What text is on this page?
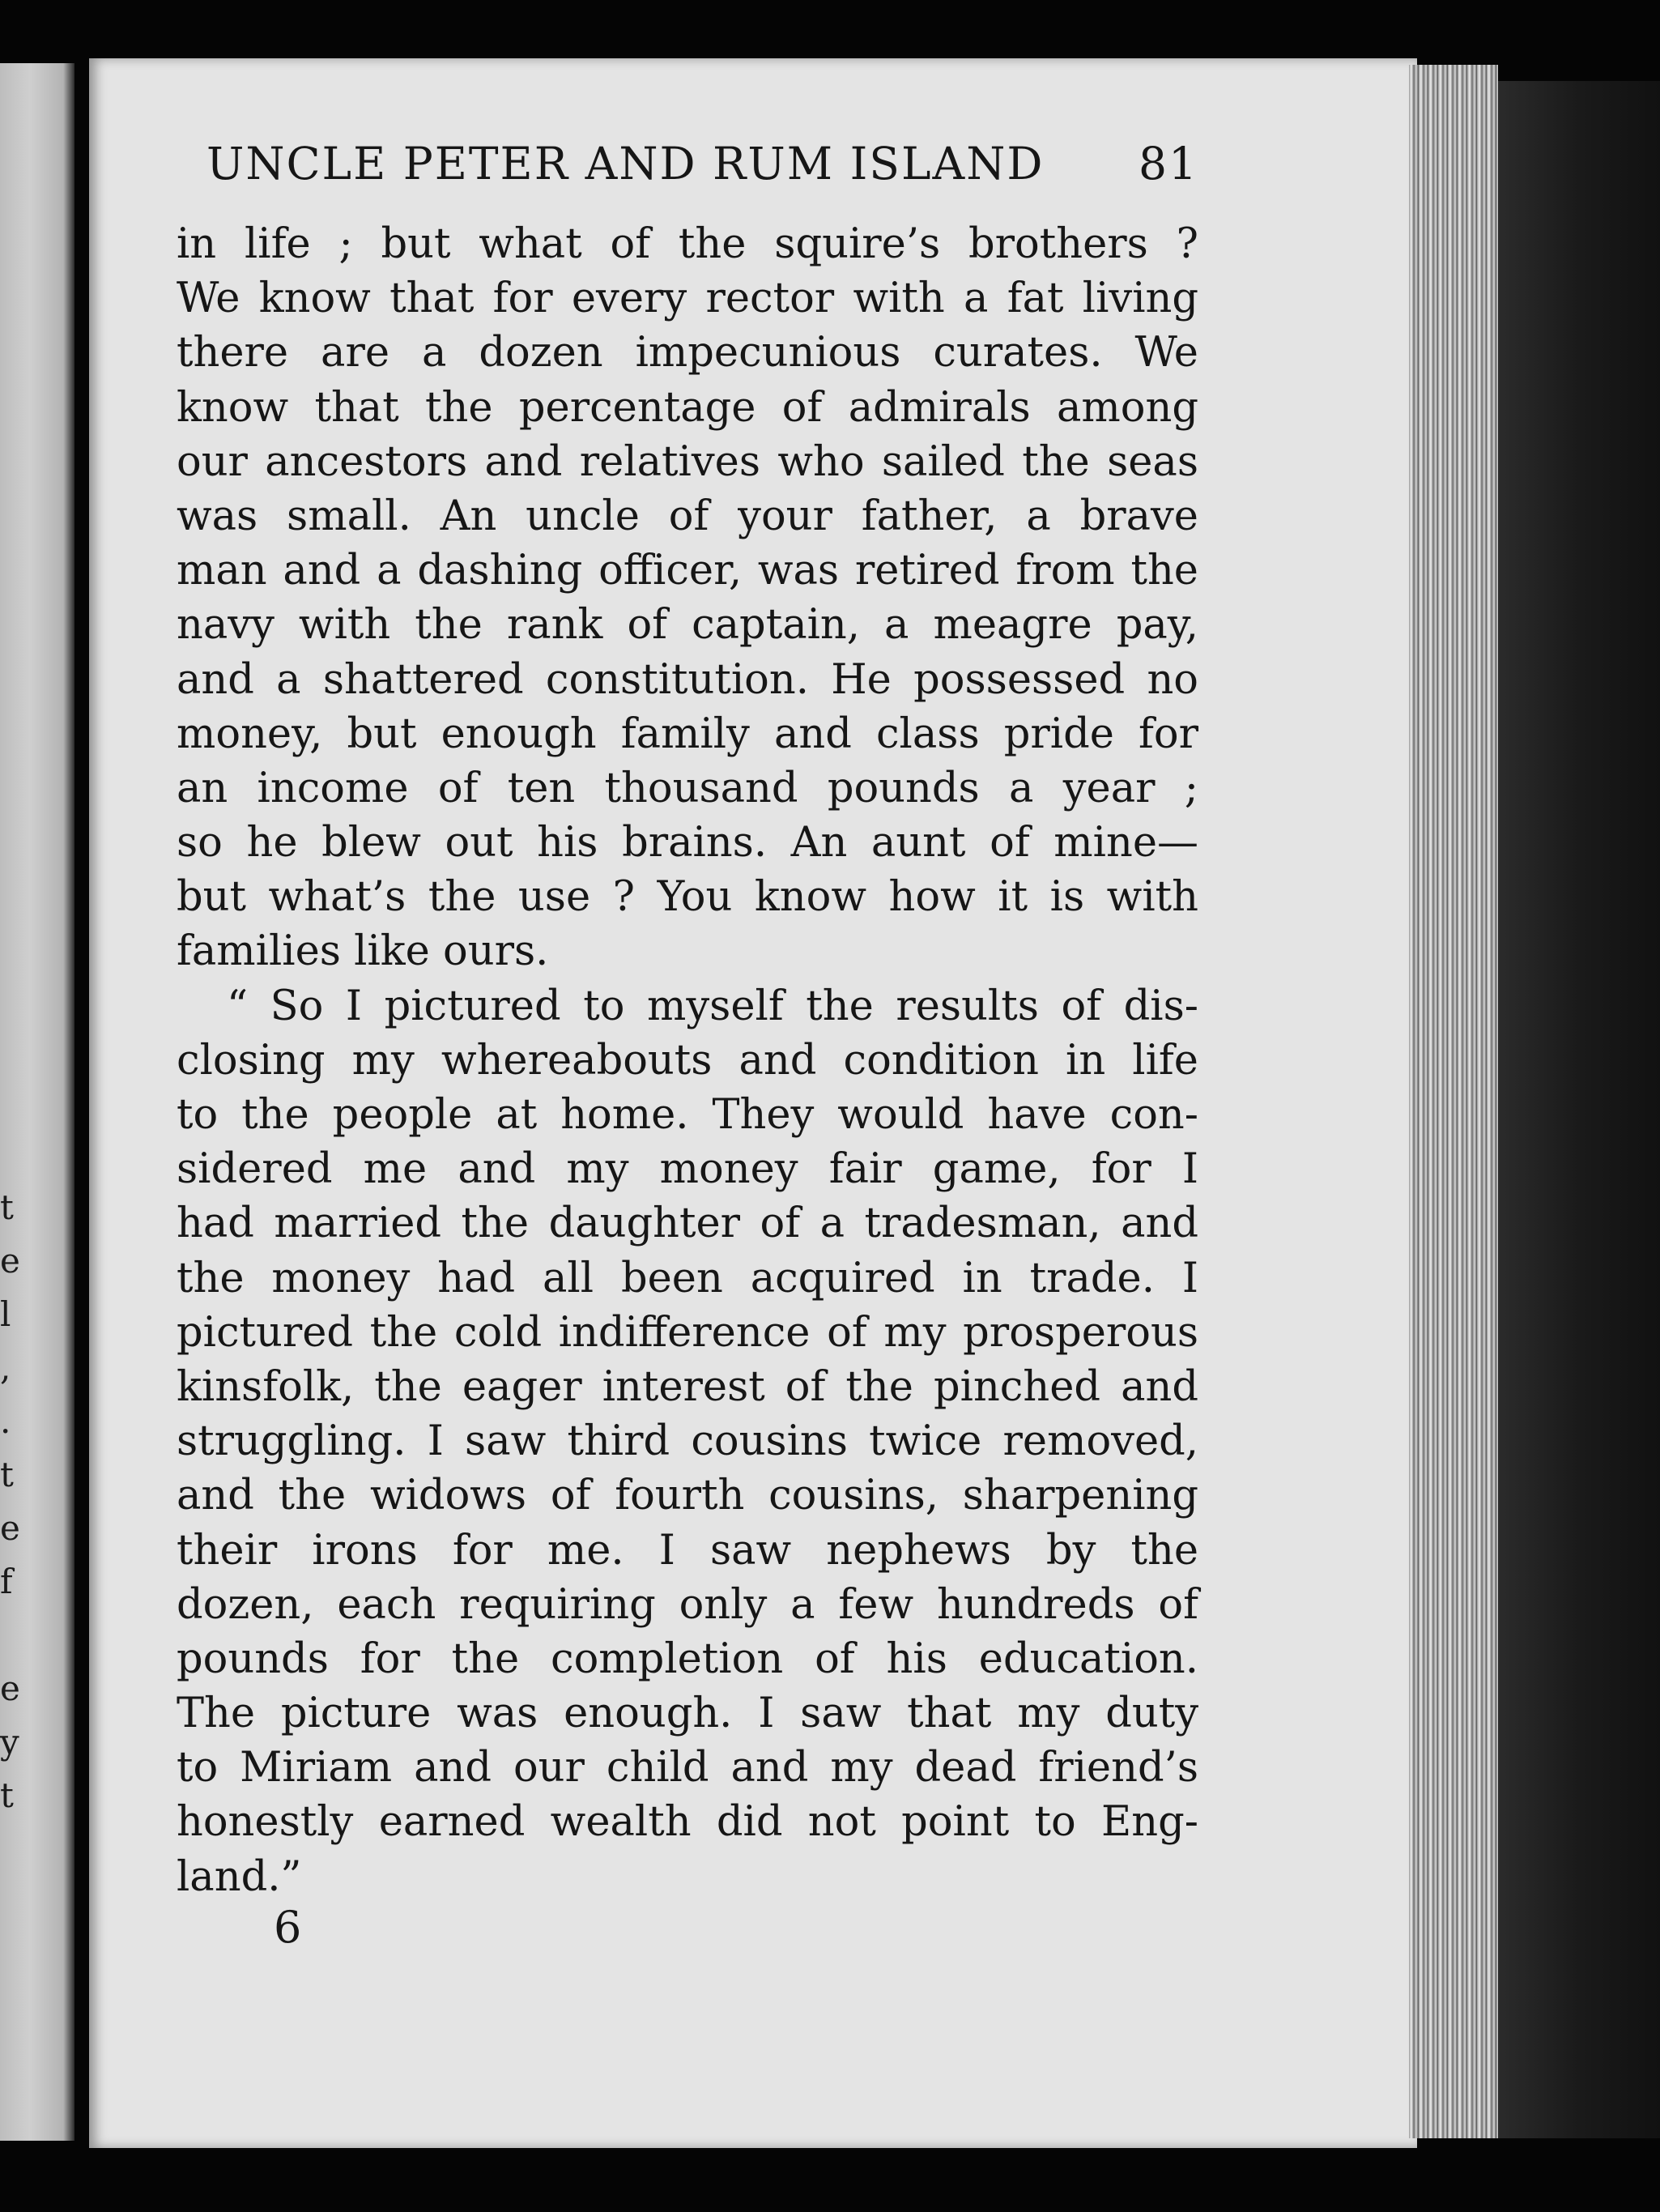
t
e
l
,
.
t
e
f
e
y
t
UNCLE PETER AND RUM ISLAND 81
in life ; but what of the squire’s brothers ?
We know that for every rector with a fat living
there are a dozen impecunious curates. We
know that the percentage of admirals among
our ancestors and relatives who sailed the seas
was small. An uncle of your father, a brave
man and a dashing officer, was retired from the
navy with the rank of captain, a meagre pay,
and a shattered constitution. He possessed no
money, but enough family and class pride for
an income of ten thousand pounds a year ;
so he blew out his brains. An aunt of mine—
but what’s the use ? You know how it is with
families like ours.
“ So I pictured to myself the results of dis-
closing my whereabouts and condition in life
to the people at home. They would have con-
sidered me and my money fair game, for I
had married the daughter of a tradesman, and
the money had all been acquired in trade. I
pictured the cold indifference of my prosperous
kinsfolk, the eager interest of the pinched and
struggling. I saw third cousins twice removed,
and the widows of fourth cousins, sharpening
their irons for me. I saw nephews by the
dozen, each requiring only a few hundreds of
pounds for the completion of his education.
The picture was enough. I saw that my duty
to Miriam and our child and my dead friend’s
honestly earned wealth did not point to Eng-
land.”
6
